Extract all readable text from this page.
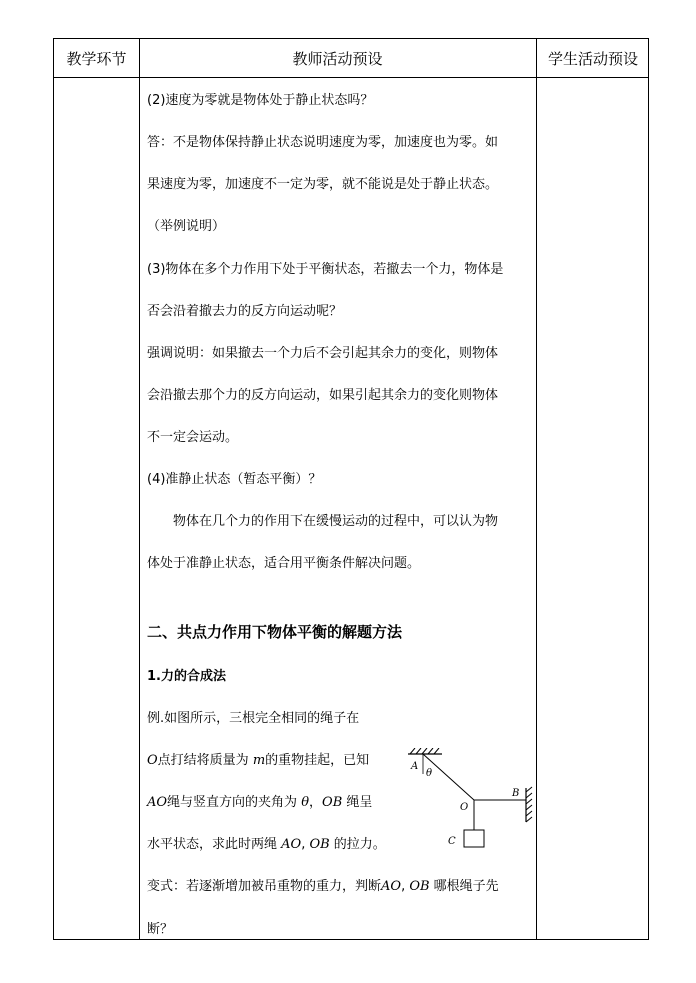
教学环节	教师活动预设	学生活动预设
(2)速度为零就是物体处于静止状态吗？
答：不是物体保持静止状态说明速度为零，加速度也为零。如
果速度为零，加速度不一定为零，就不能说是处于静止状态。
（举例说明）
(3)物体在多个力作用下处于平衡状态，若撤去一个力，物体是
否会沿着撤去力的反方向运动呢？
强调说明：如果撤去一个力后不会引起其余力的变化，则物体
会沿撤去那个力的反方向运动，如果引起其余力的变化则物体
不一定会运动。
(4)准静止状态（暂态平衡）？
物体在几个力的作用下在缓慢运动的过程中，可以认为物
体处于准静止状态，适合用平衡条件解决问题。
二、共点力作用下物体平衡的解题方法
1.力的合成法
例.如图所示，三根完全相同的绳子在
O点打结将质量为 m的重物挂起，已知
AO绳与竖直方向的夹角为 θ，OB 绳呈
水平状态，求此时两绳 AO, OB 的拉力。
变式：若逐渐增加被吊重物的重力，判断AO, OB 哪根绳子先
断？
A
θ
O
B
C
